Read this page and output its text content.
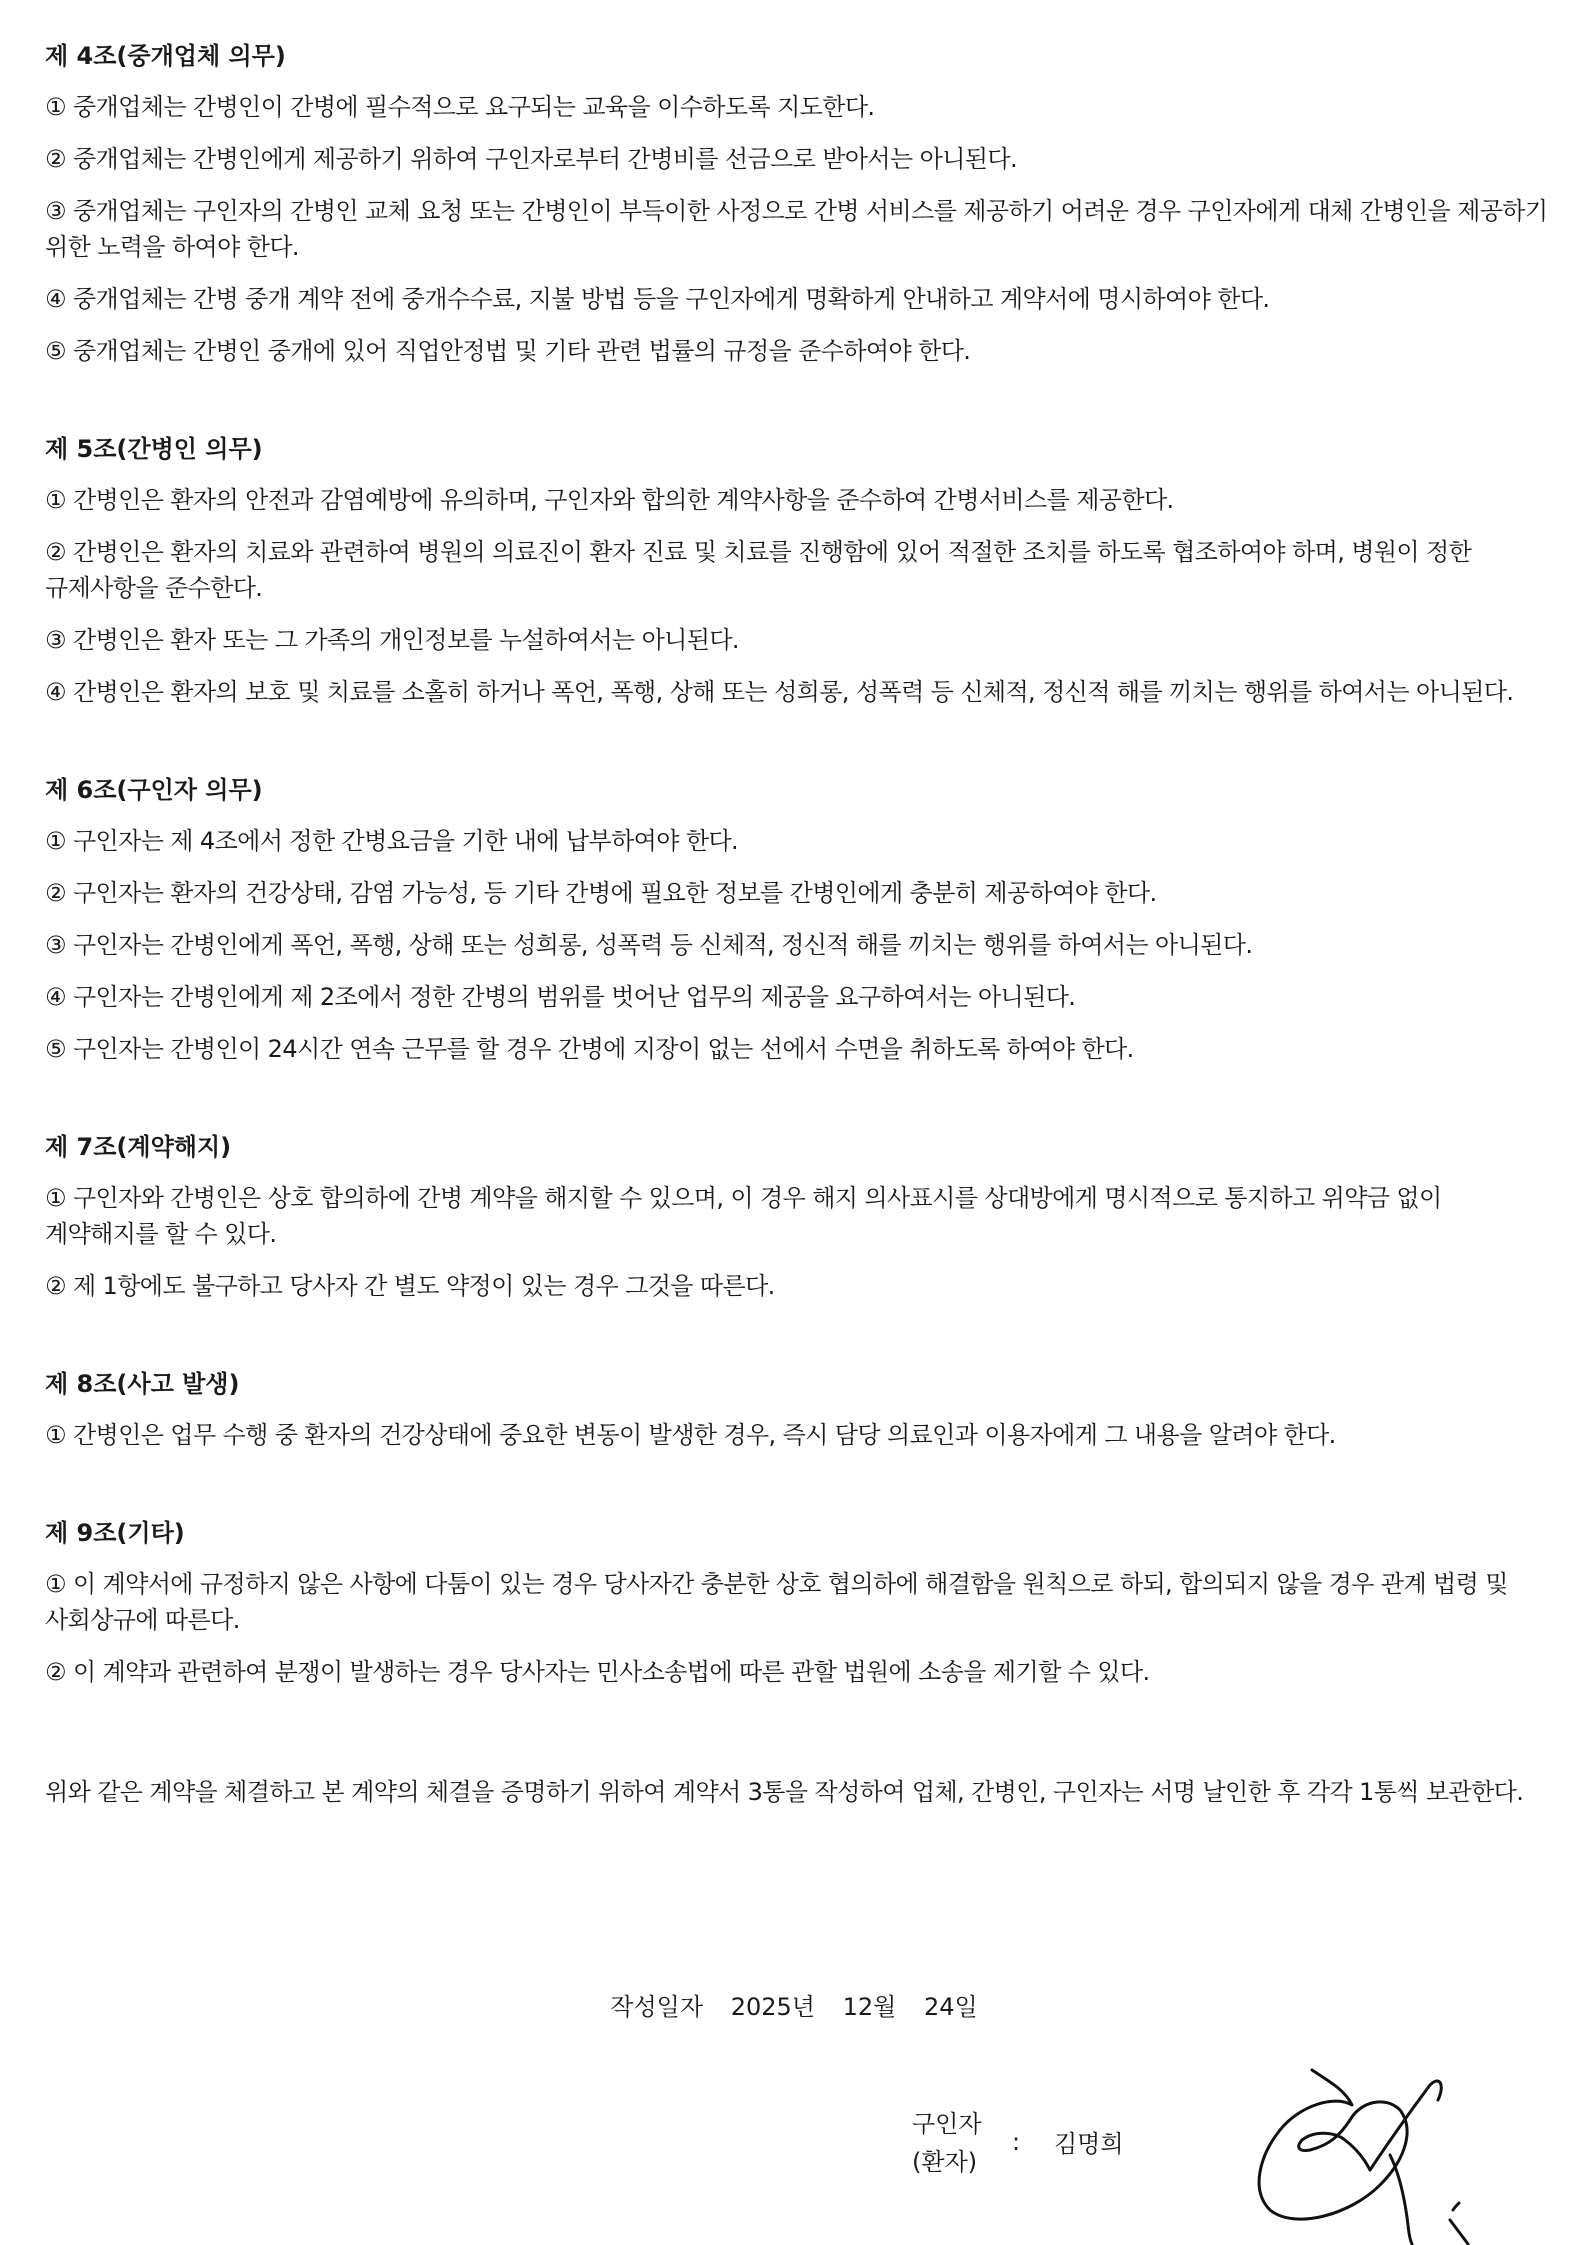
제 4조(중개업체 의무)

① 중개업체는 간병인이 간병에 필수적으로 요구되는 교육을 이수하도록 지도한다.

② 중개업체는 간병인에게 제공하기 위하여 구인자로부터 간병비를 선금으로 받아서는 아니된다.

③ 중개업체는 구인자의 간병인 교체 요청 또는 간병인이 부득이한 사정으로 간병 서비스를 제공하기 어려운 경우 구인자에게 대체 간병인을 제공하기 위한 노력을 하여야 한다.

④ 중개업체는 간병 중개 계약 전에 중개수수료, 지불 방법 등을 구인자에게 명확하게 안내하고 계약서에 명시하여야 한다.

⑤ 중개업체는 간병인 중개에 있어 직업안정법 및 기타 관련 법률의 규정을 준수하여야 한다.

제 5조(간병인 의무)

① 간병인은 환자의 안전과 감염예방에 유의하며, 구인자와 합의한 계약사항을 준수하여 간병서비스를 제공한다.

② 간병인은 환자의 치료와 관련하여 병원의 의료진이 환자 진료 및 치료를 진행함에 있어 적절한 조치를 하도록 협조하여야 하며, 병원이 정한 규제사항을 준수한다.

③ 간병인은 환자 또는 그 가족의 개인정보를 누설하여서는 아니된다.

④ 간병인은 환자의 보호 및 치료를 소홀히 하거나 폭언, 폭행, 상해 또는 성희롱, 성폭력 등 신체적, 정신적 해를 끼치는 행위를 하여서는 아니된다.

제 6조(구인자 의무)

① 구인자는 제 4조에서 정한 간병요금을 기한 내에 납부하여야 한다.

② 구인자는 환자의 건강상태, 감염 가능성, 등 기타 간병에 필요한 정보를 간병인에게 충분히 제공하여야 한다.

③ 구인자는 간병인에게 폭언, 폭행, 상해 또는 성희롱, 성폭력 등 신체적, 정신적 해를 끼치는 행위를 하여서는 아니된다.

④ 구인자는 간병인에게 제 2조에서 정한 간병의 범위를 벗어난 업무의 제공을 요구하여서는 아니된다.

⑤ 구인자는 간병인이 24시간 연속 근무를 할 경우 간병에 지장이 없는 선에서 수면을 취하도록 하여야 한다.

제 7조(계약해지)

① 구인자와 간병인은 상호 합의하에 간병 계약을 해지할 수 있으며, 이 경우 해지 의사표시를 상대방에게 명시적으로 통지하고 위약금 없이 계약해지를 할 수 있다.

② 제 1항에도 불구하고 당사자 간 별도 약정이 있는 경우 그것을 따른다.

제 8조(사고 발생)

① 간병인은 업무 수행 중 환자의 건강상태에 중요한 변동이 발생한 경우, 즉시 담당 의료인과 이용자에게 그 내용을 알려야 한다.

제 9조(기타)

① 이 계약서에 규정하지 않은 사항에 다툼이 있는 경우 당사자간 충분한 상호 협의하에 해결함을 원칙으로 하되, 합의되지 않을 경우 관계 법령 및 사회상규에 따른다.

② 이 계약과 관련하여 분쟁이 발생하는 경우 당사자는 민사소송법에 따른 관할 법원에 소송을 제기할 수 있다.

위와 같은 계약을 체결하고 본 계약의 체결을 증명하기 위하여 계약서 3통을 작성하여 업체, 간병인, 구인자는 서명 날인한 후 각각 1통씩 보관한다.

작성일자 2025년 12월 24일
구인자
(환자)
: 김명희
